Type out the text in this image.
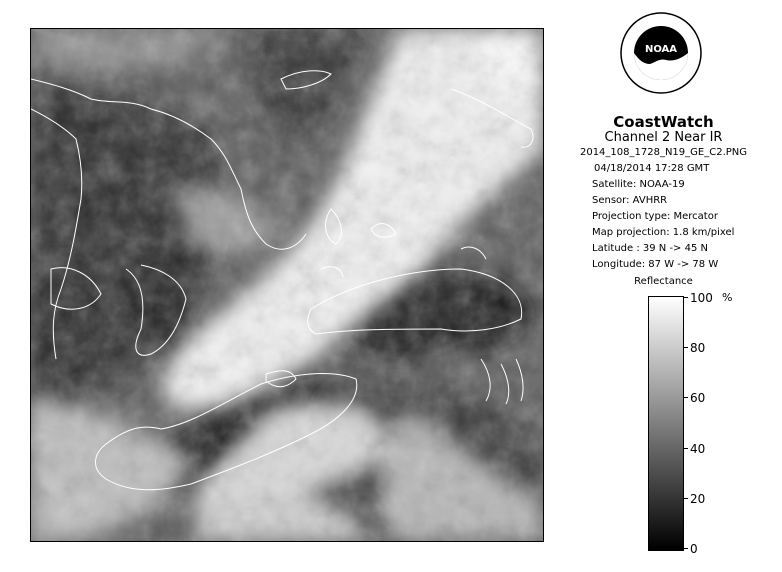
NOAA
CoastWatch
Channel 2 Near IR
2014_108_1728_N19_GE_C2.PNG
04/18/2014 17:28 GMT
Satellite: NOAA-19
Sensor: AVHRR
Projection type: Mercator
Map projection: 1.8 km/pixel
Latitude : 39 N -> 45 N
Longitude: 87 W -> 78 W
Reflectance
%
100
80
60
40
20
0
